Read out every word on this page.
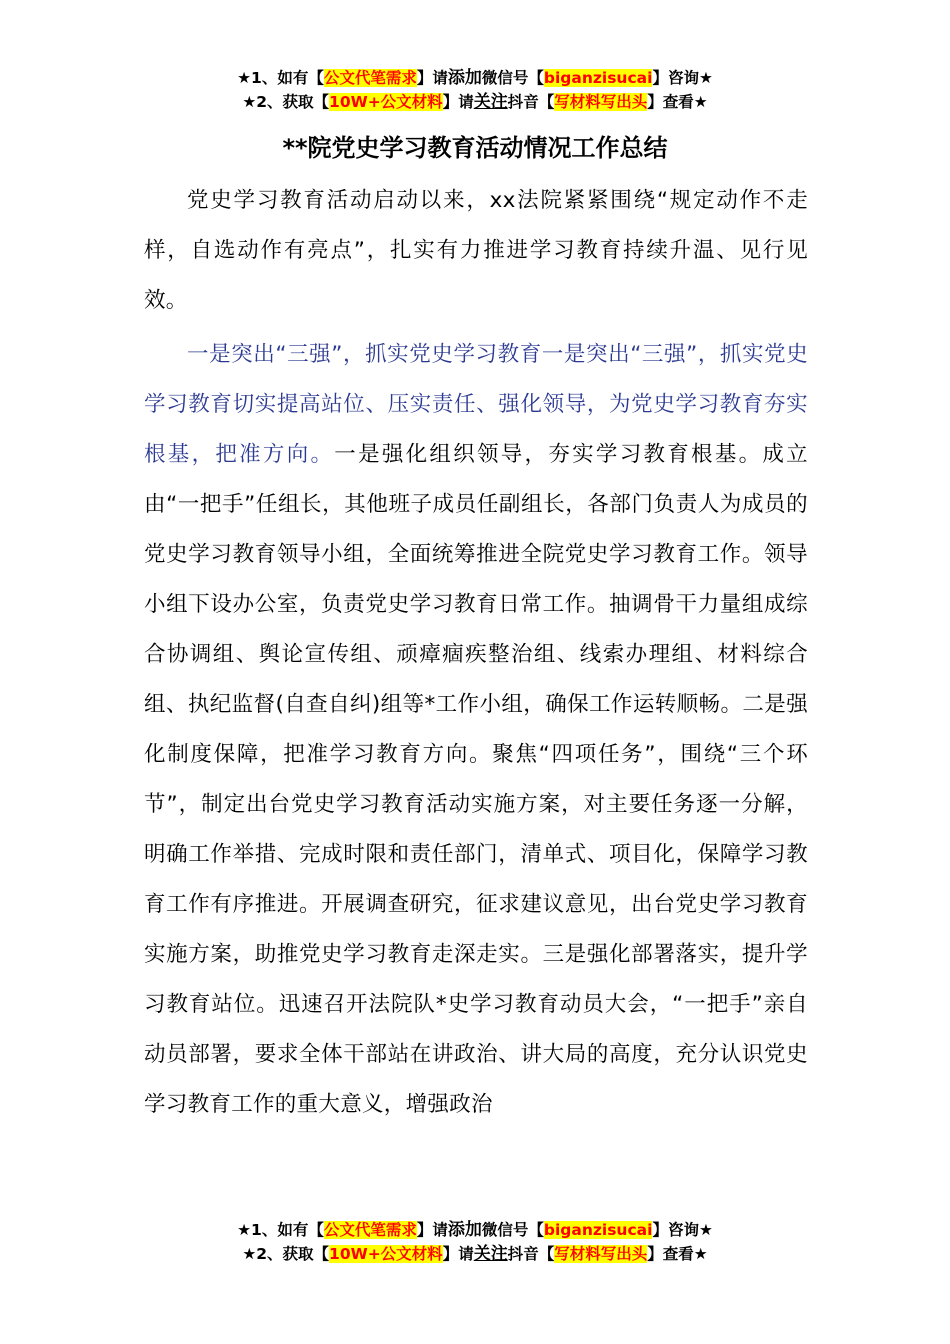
★1、如有【公文代笔需求】请添加微信号【biganzisucai】咨询★
★2、获取【10W+公文材料】请关注抖音【写材料写出头】查看★
**院党史学习教育活动情况工作总结

党史学习教育活动启动以来，xx法院紧紧围绕“规定动作不走样，自选动作有亮点”，扎实有力推进学习教育持续升温、见行见效。

一是突出“三强”，抓实党史学习教育一是突出“三强”，抓实党史学习教育切实提高站位、压实责任、强化领导，为党史学习教育夯实根基，把准方向。一是强化组织领导，夯实学习教育根基。成立由“一把手”任组长，其他班子成员任副组长，各部门负责人为成员的党史学习教育领导小组，全面统筹推进全院党史学习教育工作。领导小组下设办公室，负责党史学习教育日常工作。抽调骨干力量组成综合协调组、舆论宣传组、顽瘴痼疾整治组、线索办理组、材料综合组、执纪监督(自查自纠)组等*工作小组，确保工作运转顺畅。二是强化制度保障，把准学习教育方向。聚焦“四项任务”，围绕“三个环节”，制定出台党史学习教育活动实施方案，对主要任务逐一分解，明确工作举措、完成时限和责任部门，清单式、项目化，保障学习教育工作有序推进。开展调查研究，征求建议意见，出台党史学习教育实施方案，助推党史学习教育走深走实。三是强化部署落实，提升学习教育站位。迅速召开法院队*史学习教育动员大会，“一把手”亲自动员部署，要求全体干部站在讲政治、讲大局的高度，充分认识党史学习教育工作的重大意义，增强政治

★1、如有【公文代笔需求】请添加微信号【biganzisucai】咨询★
★2、获取【10W+公文材料】请关注抖音【写材料写出头】查看★
